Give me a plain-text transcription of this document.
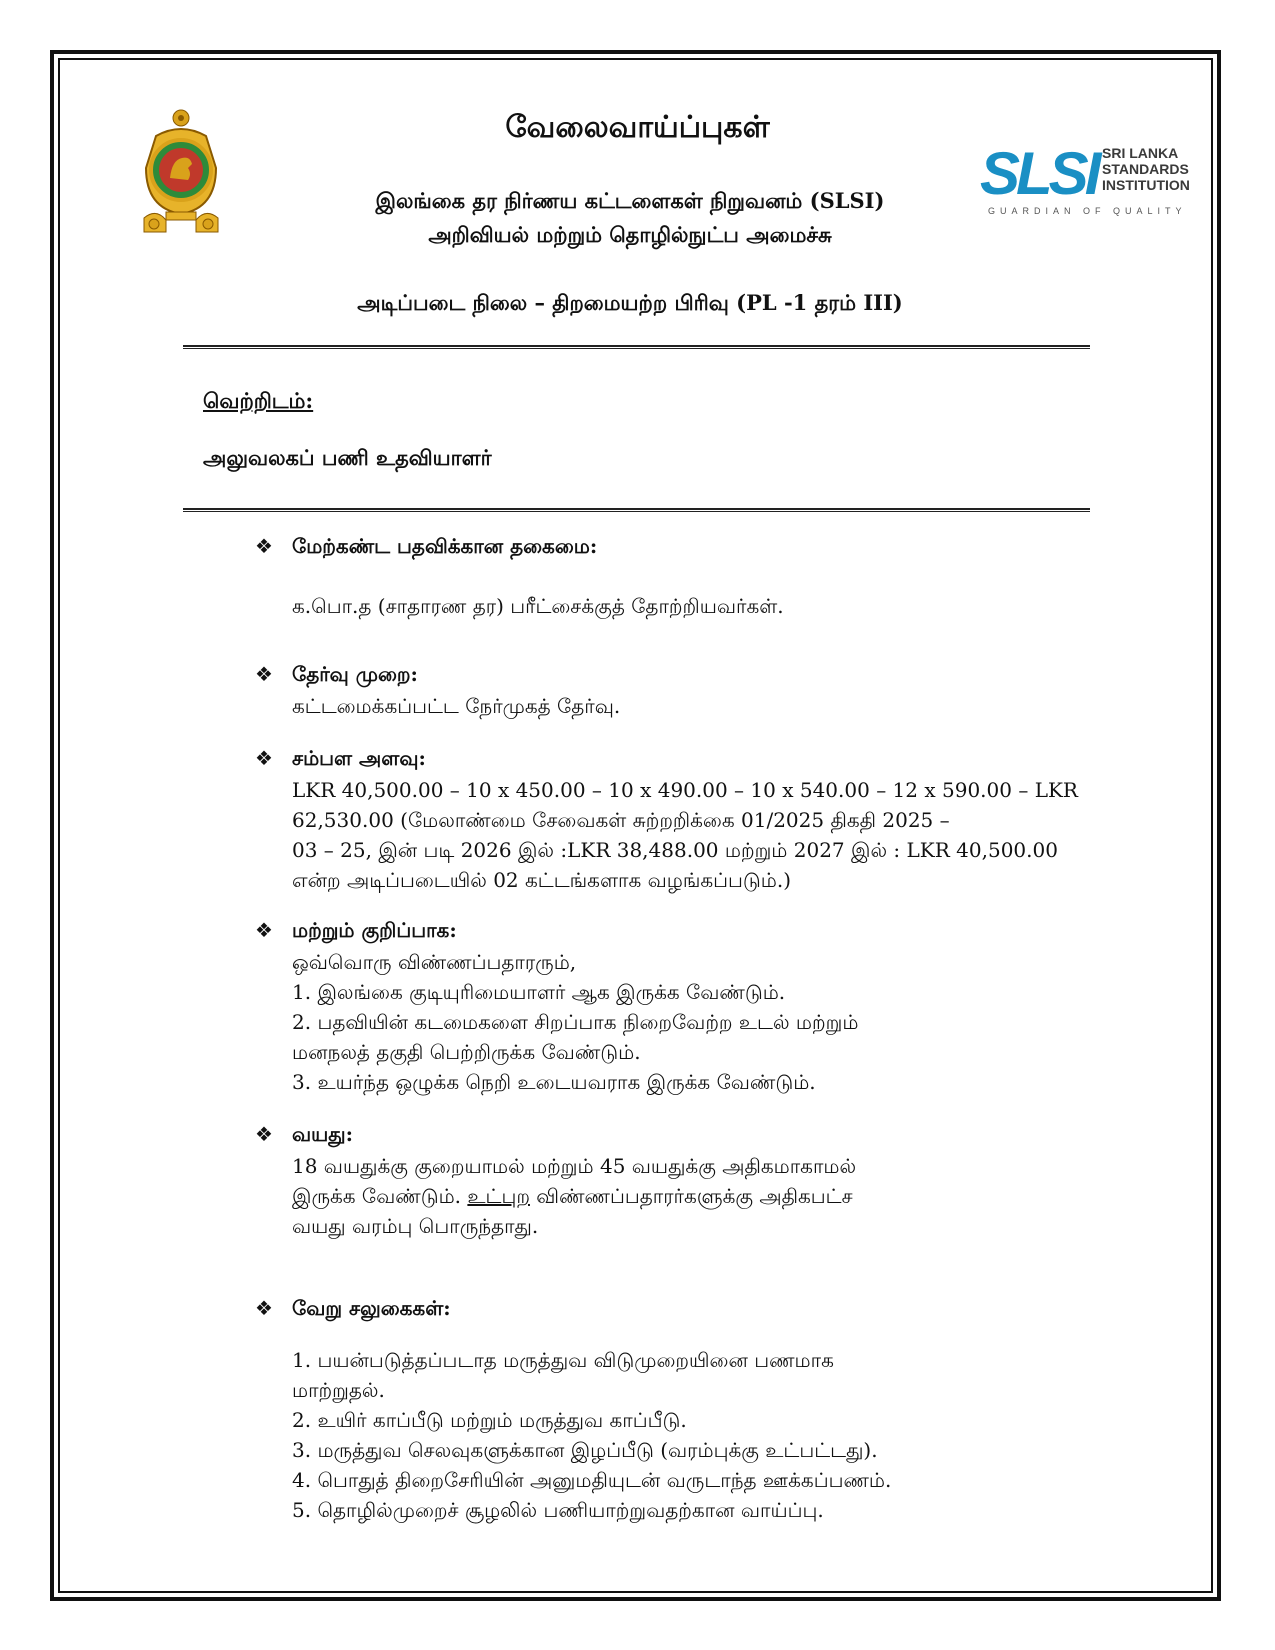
SLSI SRI LANKA
STANDARDS
INSTITUTION
GUARDIAN OF QUALITY
வேலைவாய்ப்புகள்
இலங்கை தர நிர்ணய கட்டளைகள் நிறுவனம் (SLSI)
அறிவியல் மற்றும் தொழில்நுட்ப அமைச்சு
அடிப்படை நிலை – திறமையற்ற பிரிவு (PL -1 தரம் III)
வெற்றிடம்:
அலுவலகப் பணி உதவியாளர்
❖ மேற்கண்ட பதவிக்கான தகைமை:
க.பொ.த (சாதாரண தர) பரீட்சைக்குத் தோற்றியவர்கள்.
❖ தேர்வு முறை:
கட்டமைக்கப்பட்ட நேர்முகத் தேர்வு.
❖ சம்பள அளவு:
LKR 40,500.00 – 10 x 450.00 – 10 x 490.00 – 10 x 540.00 – 12 x 590.00 – LKR
62,530.00 (மேலாண்மை சேவைகள் சுற்றறிக்கை 01/2025 திகதி 2025 –
03 – 25, இன் படி 2026 இல் :LKR 38,488.00 மற்றும் 2027 இல் : LKR 40,500.00
என்ற அடிப்படையில் 02 கட்டங்களாக வழங்கப்படும்.)
❖ மற்றும் குறிப்பாக:
ஒவ்வொரு விண்ணப்பதாரரும்,
1. இலங்கை குடியுரிமையாளர் ஆக இருக்க வேண்டும்.
2. பதவியின் கடமைகளை சிறப்பாக நிறைவேற்ற உடல் மற்றும்
மனநலத் தகுதி பெற்றிருக்க வேண்டும்.
3. உயர்ந்த ஒழுக்க நெறி உடையவராக இருக்க வேண்டும்.
❖ வயது:
18 வயதுக்கு குறையாமல் மற்றும் 45 வயதுக்கு அதிகமாகாமல்
இருக்க வேண்டும். உட்புற விண்ணப்பதாரர்களுக்கு அதிகபட்ச
வயது வரம்பு பொருந்தாது.
❖ வேறு சலுகைகள்:
1. பயன்படுத்தப்படாத மருத்துவ விடுமுறையினை பணமாக
மாற்றுதல்.
2. உயிர் காப்பீடு மற்றும் மருத்துவ காப்பீடு.
3. மருத்துவ செலவுகளுக்கான இழப்பீடு (வரம்புக்கு உட்பட்டது).
4. பொதுத் திறைசேரியின் அனுமதியுடன் வருடாந்த ஊக்கப்பணம்.
5. தொழில்முறைச் சூழலில் பணியாற்றுவதற்கான வாய்ப்பு.
